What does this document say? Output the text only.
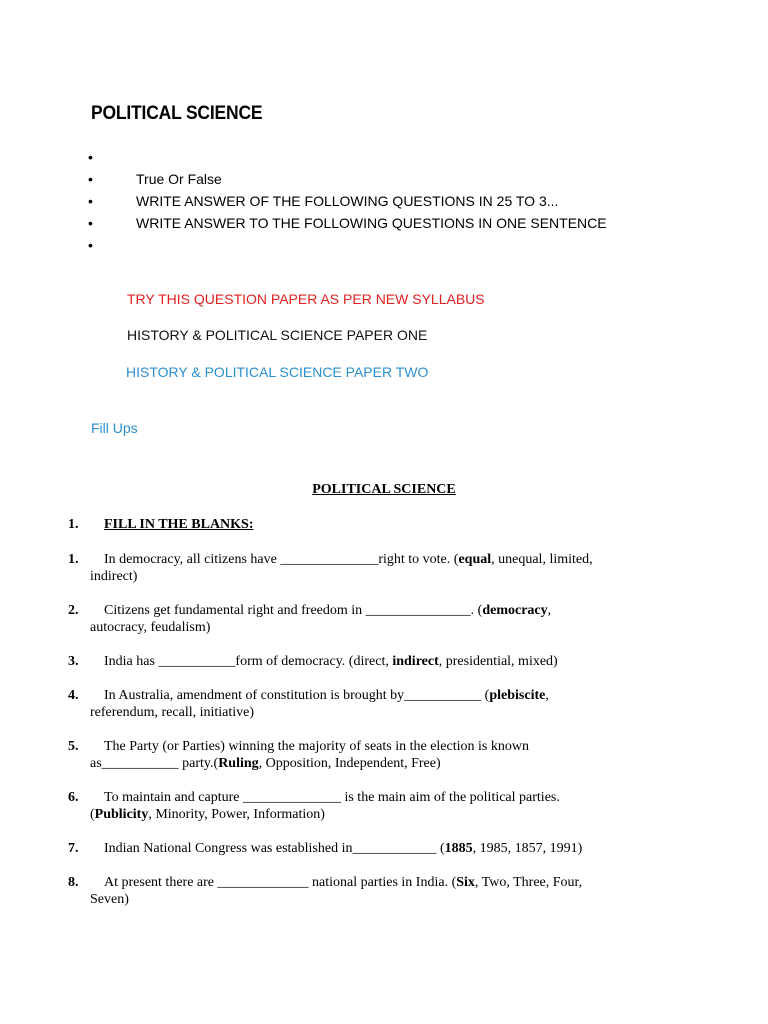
POLITICAL SCIENCE
•
•	True Or False
•	WRITE ANSWER OF THE FOLLOWING QUESTIONS IN 25 TO 3...
•	WRITE ANSWER TO THE FOLLOWING QUESTIONS IN ONE SENTENCE
•
TRY THIS QUESTION PAPER AS PER NEW SYLLABUS
HISTORY & POLITICAL SCIENCE PAPER ONE
HISTORY & POLITICAL SCIENCE PAPER TWO
Fill Ups
POLITICAL SCIENCE
1. FILL IN THE BLANKS:
1.	In democracy, all citizens have ______________right to vote. (equal, unequal, limited,
indirect)
2.	Citizens get fundamental right and freedom in _______________. (democracy,
autocracy, feudalism)
3.	India has ___________form of democracy. (direct, indirect, presidential, mixed)
4.	In Australia, amendment of constitution is brought by___________ (plebiscite,
referendum, recall, initiative)
5.	The Party (or Parties) winning the majority of seats in the election is known
as___________ party.(Ruling, Opposition, Independent, Free)
6.	To maintain and capture ______________ is the main aim of the political parties.
(Publicity, Minority, Power, Information)
7.	Indian National Congress was established in____________ (1885, 1985, 1857, 1991)
8.	At present there are _____________ national parties in India. (Six, Two, Three, Four,
Seven)
